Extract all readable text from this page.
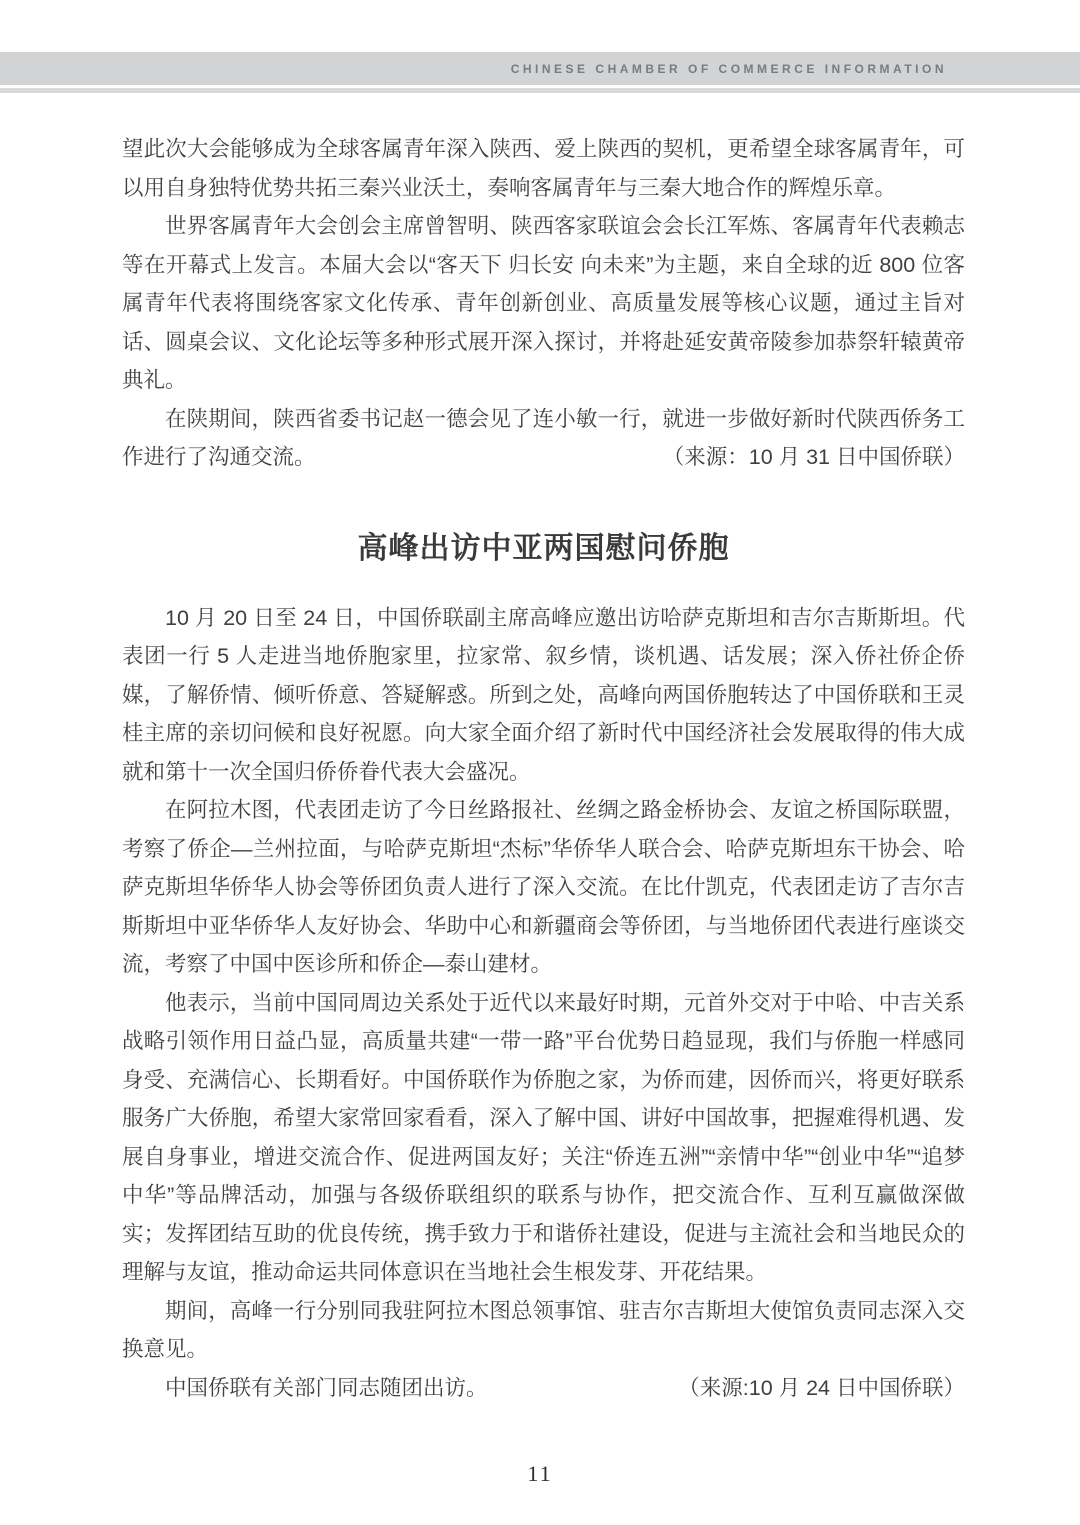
CHINESE CHAMBER OF COMMERCE INFORMATION

望此次大会能够成为全球客属青年深入陕西、爱上陕西的契机，更希望全球客属青年，可以用自身独特优势共拓三秦兴业沃土，奏响客属青年与三秦大地合作的辉煌乐章。

世界客属青年大会创会主席曾智明、陕西客家联谊会会长江军炼、客属青年代表赖志等在开幕式上发言。本届大会以“客天下 归长安 向未来”为主题，来自全球的近 800 位客属青年代表将围绕客家文化传承、青年创新创业、高质量发展等核心议题，通过主旨对话、圆桌会议、文化论坛等多种形式展开深入探讨，并将赴延安黄帝陵参加恭祭轩辕黄帝典礼。

在陕期间，陕西省委书记赵一德会见了连小敏一行，就进一步做好新时代陕西侨务工作进行了沟通交流。	（来源：10 月 31 日中国侨联）

高峰出访中亚两国慰问侨胞

10 月 20 日至 24 日，中国侨联副主席高峰应邀出访哈萨克斯坦和吉尔吉斯斯坦。代表团一行 5 人走进当地侨胞家里，拉家常、叙乡情，谈机遇、话发展；深入侨社侨企侨媒，了解侨情、倾听侨意、答疑解惑。所到之处，高峰向两国侨胞转达了中国侨联和王灵桂主席的亲切问候和良好祝愿。向大家全面介绍了新时代中国经济社会发展取得的伟大成就和第十一次全国归侨侨眷代表大会盛况。

在阿拉木图，代表团走访了今日丝路报社、丝绸之路金桥协会、友谊之桥国际联盟，考察了侨企—兰州拉面，与哈萨克斯坦“杰标”华侨华人联合会、哈萨克斯坦东干协会、哈萨克斯坦华侨华人协会等侨团负责人进行了深入交流。在比什凯克，代表团走访了吉尔吉斯斯坦中亚华侨华人友好协会、华助中心和新疆商会等侨团，与当地侨团代表进行座谈交流，考察了中国中医诊所和侨企—泰山建材。

他表示，当前中国同周边关系处于近代以来最好时期，元首外交对于中哈、中吉关系战略引领作用日益凸显，高质量共建“一带一路”平台优势日趋显现，我们与侨胞一样感同身受、充满信心、长期看好。中国侨联作为侨胞之家，为侨而建，因侨而兴，将更好联系服务广大侨胞，希望大家常回家看看，深入了解中国、讲好中国故事，把握难得机遇、发展自身事业，增进交流合作、促进两国友好；关注“侨连五洲”“亲情中华”“创业中华”“追梦中华”等品牌活动，加强与各级侨联组织的联系与协作，把交流合作、互利互赢做深做实；发挥团结互助的优良传统，携手致力于和谐侨社建设，促进与主流社会和当地民众的理解与友谊，推动命运共同体意识在当地社会生根发芽、开花结果。

期间，高峰一行分别同我驻阿拉木图总领事馆、驻吉尔吉斯坦大使馆负责同志深入交换意见。

中国侨联有关部门同志随团出访。	（来源:10 月 24 日中国侨联）

11
